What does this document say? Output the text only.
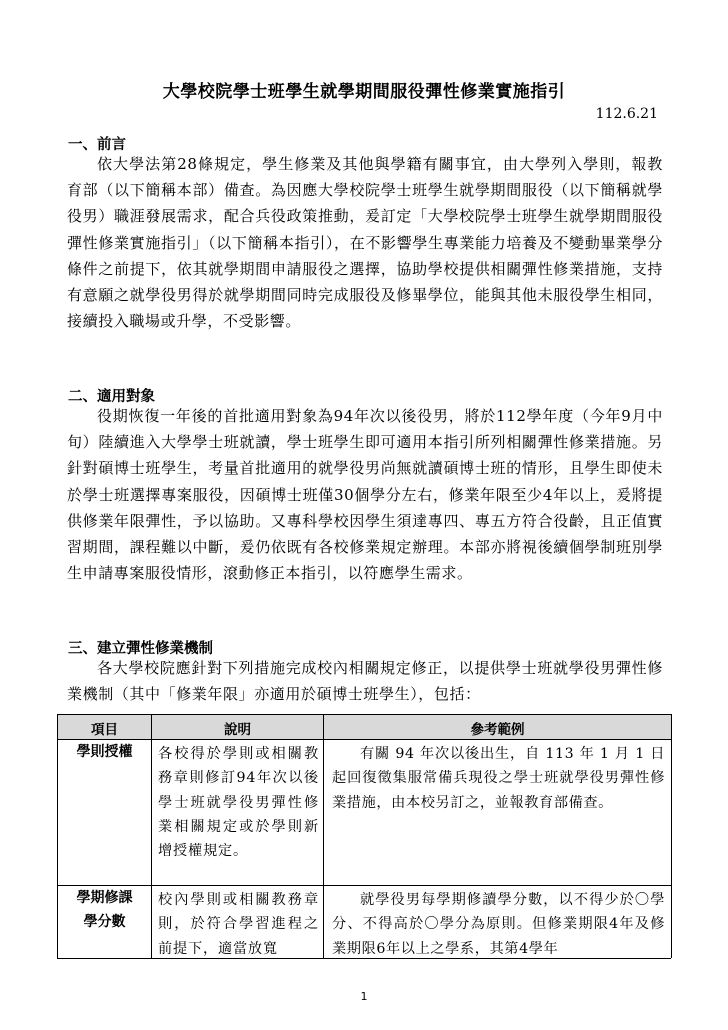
大學校院學士班學生就學期間服役彈性修業實施指引
112.6.21
一、前言

依大學法第28條規定，學生修業及其他與學籍有關事宜，由大學列入學則，報教育部（以下簡稱本部）備查。為因應大學校院學士班學生就學期間服役（以下簡稱就學役男）職涯發展需求，配合兵役政策推動，爰訂定「大學校院學士班學生就學期間服役彈性修業實施指引」（以下簡稱本指引），在不影響學生專業能力培養及不變動畢業學分條件之前提下，依其就學期間申請服役之選擇，協助學校提供相關彈性修業措施，支持有意願之就學役男得於就學期間同時完成服役及修畢學位，能與其他未服役學生相同，接續投入職場或升學，不受影響。

二、適用對象

役期恢復一年後的首批適用對象為94年次以後役男，將於112學年度（今年9月中旬）陸續進入大學學士班就讀，學士班學生即可適用本指引所列相關彈性修業措施。另針對碩博士班學生，考量首批適用的就學役男尚無就讀碩博士班的情形，且學生即使未於學士班選擇專案服役，因碩博士班僅30個學分左右，修業年限至少4年以上，爰將提供修業年限彈性，予以協助。又專科學校因學生須達專四、專五方符合役齡，且正值實習期間，課程難以中斷，爰仍依既有各校修業規定辦理。本部亦將視後續個學制班別學生申請專案服役情形，滾動修正本指引，以符應學生需求。

三、建立彈性修業機制

各大學校院應針對下列措施完成校內相關規定修正，以提供學士班就學役男彈性修業機制（其中「修業年限」亦適用於碩博士班學生），包括：

項目	說明	參考範例
學則授權	各校得於學則或相關教務章則修訂94年次以後學士班就學役男彈性修業相關規定或於學則新增授權規定。	有關 94 年次以後出生，自 113 年 1 月 1 日起回復徵集服常備兵現役之學士班就學役男彈性修業措施，由本校另訂之，並報教育部備查。
學期修課學分數	校內學則或相關教務章則，於符合學習進程之前提下，適當放寬	就學役男每學期修讀學分數，以不得少於〇學分、不得高於〇學分為原則。但修業期限4年及修業期限6年以上之學系，其第4學年
1
